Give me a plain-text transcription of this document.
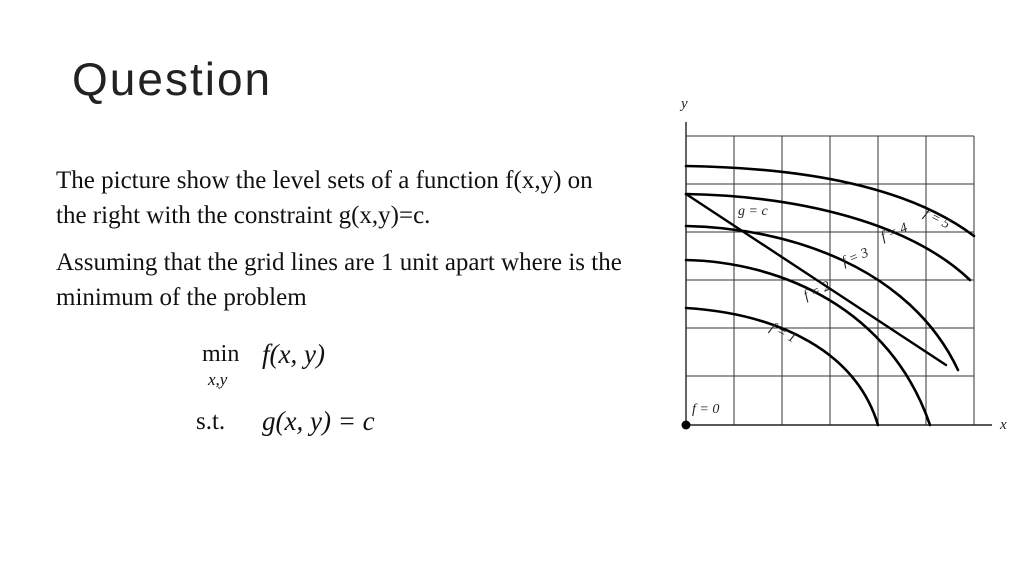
Question

The picture show the level sets of a function f(x,y) on the right with the constraint g(x,y)=c.

Assuming that the grid lines are 1 unit apart where is the minimum of the problem

min
x,y
f(x, y)
s.t. g(x, y) = c
y
x
g = c	f = 5
f = 4
f = 3
f = 2
f = 1
f = 0
